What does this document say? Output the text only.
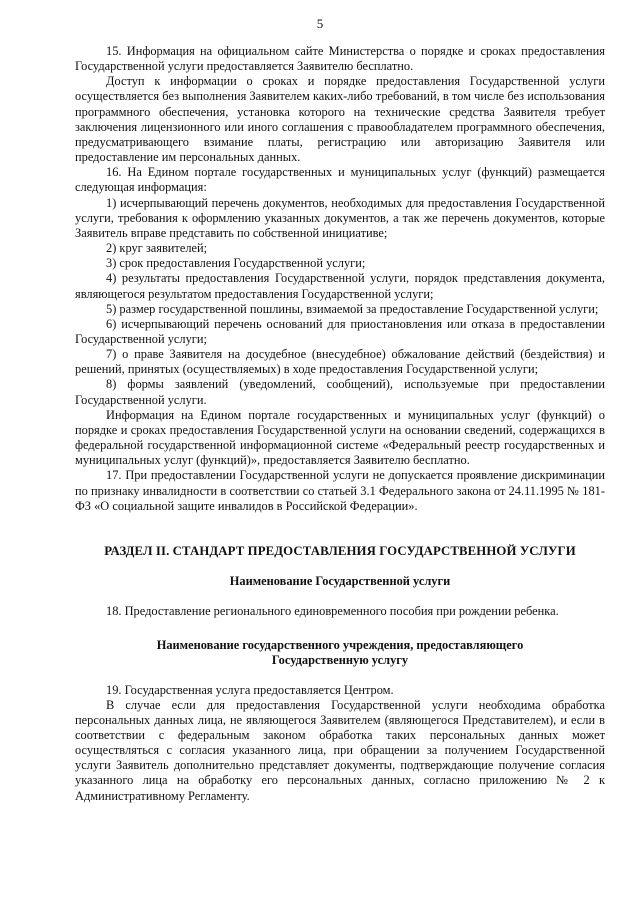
5

15. Информация на официальном сайте Министерства о порядке и сроках предоставления Государственной услуги предоставляется Заявителю бесплатно.

Доступ к информации о сроках и порядке предоставления Государственной услуги осуществляется без выполнения Заявителем каких-либо требований, в том числе без использования программного обеспечения, установка которого на технические средства Заявителя требует заключения лицензионного или иного соглашения с правообладателем программного обеспечения, предусматривающего взимание платы, регистрацию или авторизацию Заявителя или предоставление им персональных данных.

16. На Едином портале государственных и муниципальных услуг (функций) размещается следующая информация:

1) исчерпывающий перечень документов, необходимых для предоставления Государственной услуги, требования к оформлению указанных документов, а так же перечень документов, которые Заявитель вправе представить по собственной инициативе;

2) круг заявителей;

3) срок предоставления Государственной услуги;

4) результаты предоставления Государственной услуги, порядок представления документа, являющегося результатом предоставления Государственной услуги;

5) размер государственной пошлины, взимаемой за предоставление Государственной услуги;

6) исчерпывающий перечень оснований для приостановления или отказа в предоставлении Государственной услуги;

7) о праве Заявителя на досудебное (внесудебное) обжалование действий (бездействия) и решений, принятых (осуществляемых) в ходе предоставления Государственной услуги;

8) формы заявлений (уведомлений, сообщений), используемые при предоставлении Государственной услуги.

Информация на Едином портале государственных и муниципальных услуг (функций) о порядке и сроках предоставления Государственной услуги на основании сведений, содержащихся в федеральной государственной информационной системе «Федеральный реестр государственных и муниципальных услуг (функций)», предоставляется Заявителю бесплатно.

17. При предоставлении Государственной услуги не допускается проявление дискриминации по признаку инвалидности в соответствии со статьей 3.1 Федерального закона от 24.11.1995 № 181-ФЗ «О социальной защите инвалидов в Российской Федерации».

РАЗДЕЛ II. СТАНДАРТ ПРЕДОСТАВЛЕНИЯ ГОСУДАРСТВЕННОЙ УСЛУГИ

Наименование Государственной услуги

18. Предоставление регионального единовременного пособия при рождении ребенка.

Наименование государственного учреждения, предоставляющего

Государственную услугу

19. Государственная услуга предоставляется Центром.

В случае если для предоставления Государственной услуги необходима обработка персональных данных лица, не являющегося Заявителем (являющегося Представителем), и если в соответствии с федеральным законом обработка таких персональных данных может осуществляться с согласия указанного лица, при обращении за получением Государственной услуги Заявитель дополнительно представляет документы, подтверждающие получение согласия указанного лица на обработку его персональных данных, согласно приложению № 2 к Административному Регламенту.
